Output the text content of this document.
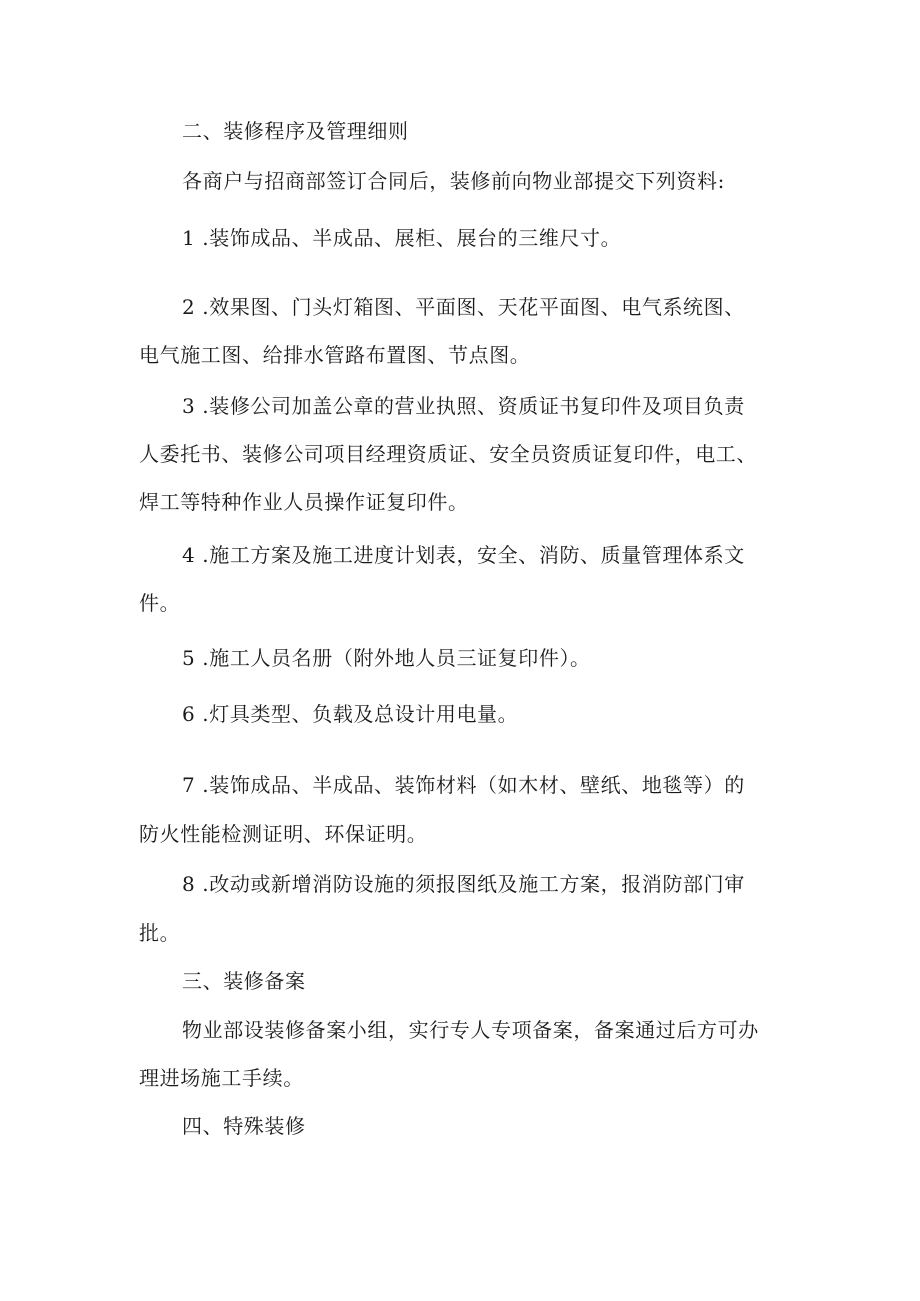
二、装修程序及管理细则
各商户与招商部签订合同后，装修前向物业部提交下列资料:
1 .装饰成品、半成品、展柜、展台的三维尺寸。
2 .效果图、门头灯箱图、平面图、天花平面图、电气系统图、
电气施工图、给排水管路布置图、节点图。
3 .装修公司加盖公章的营业执照、资质证书复印件及项目负责
人委托书、装修公司项目经理资质证、安全员资质证复印件，电工、
焊工等特种作业人员操作证复印件。
4 .施工方案及施工进度计划表，安全、消防、质量管理体系文
件。
5 .施工人员名册（附外地人员三证复印件）。
6 .灯具类型、负载及总设计用电量。
7 .装饰成品、半成品、装饰材料（如木材、壁纸、地毯等）的
防火性能检测证明、环保证明。
8 .改动或新增消防设施的须报图纸及施工方案，报消防部门审
批。
三、装修备案
物业部设装修备案小组，实行专人专项备案，备案通过后方可办
理进场施工手续。
四、特殊装修
